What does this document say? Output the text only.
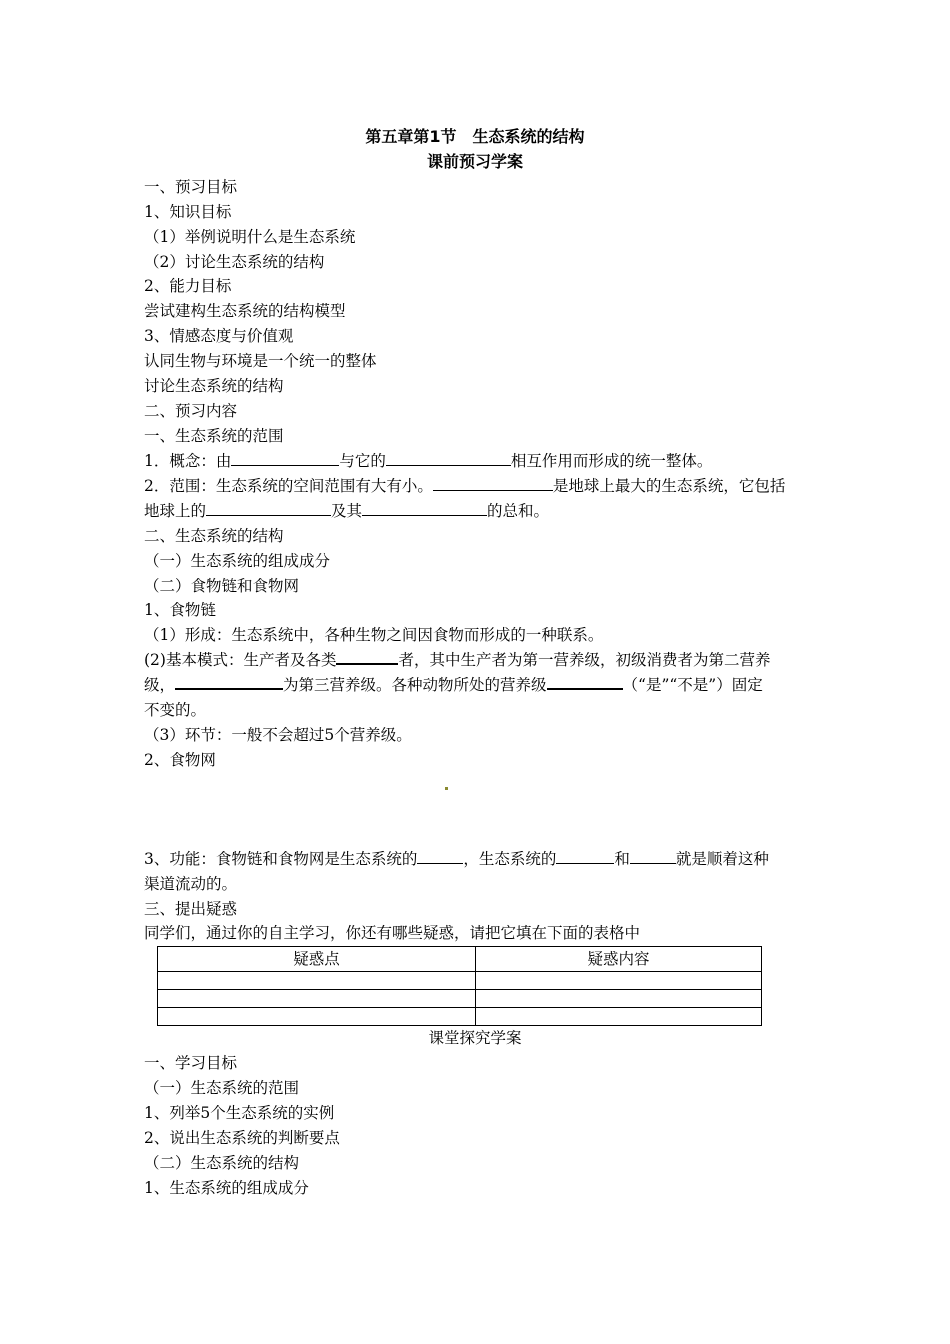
第五章第1节　生态系统的结构
课前预习学案
一、预习目标
1、知识目标
（1）举例说明什么是生态系统
（2）讨论生态系统的结构
2、能力目标
尝试建构生态系统的结构模型
3、情感态度与价值观
认同生物与环境是一个统一的整体
讨论生态系统的结构
二、预习内容
一、生态系统的范围
1．概念：由	与它的	相互作用而形成的统一整体。
2．范围：生态系统的空间范围有大有小。	是地球上最大的生态系统，它包括
地球上的	及其	的总和。
二、生态系统的结构
（一）生态系统的组成成分
（二）食物链和食物网
1、食物链
（1）形成：生态系统中，各种生物之间因食物而形成的一种联系。
(2)基本模式：生产者及各类	者，其中生产者为第一营养级，初级消费者为第二营养
级，	为第三营养级。各种动物所处的营养级	（“是”“不是”）固定
不变的。
（3）环节：一般不会超过5个营养级。
2、食物网
3、功能：食物链和食物网是生态系统的	，生态系统的	和	就是顺着这种
渠道流动的。
三、提出疑惑
同学们，通过你的自主学习，你还有哪些疑惑，请把它填在下面的表格中
疑惑点	疑惑内容

课堂探究学案
一、学习目标
（一）生态系统的范围
1、列举5个生态系统的实例
2、说出生态系统的判断要点
（二）生态系统的结构
1、生态系统的组成成分
